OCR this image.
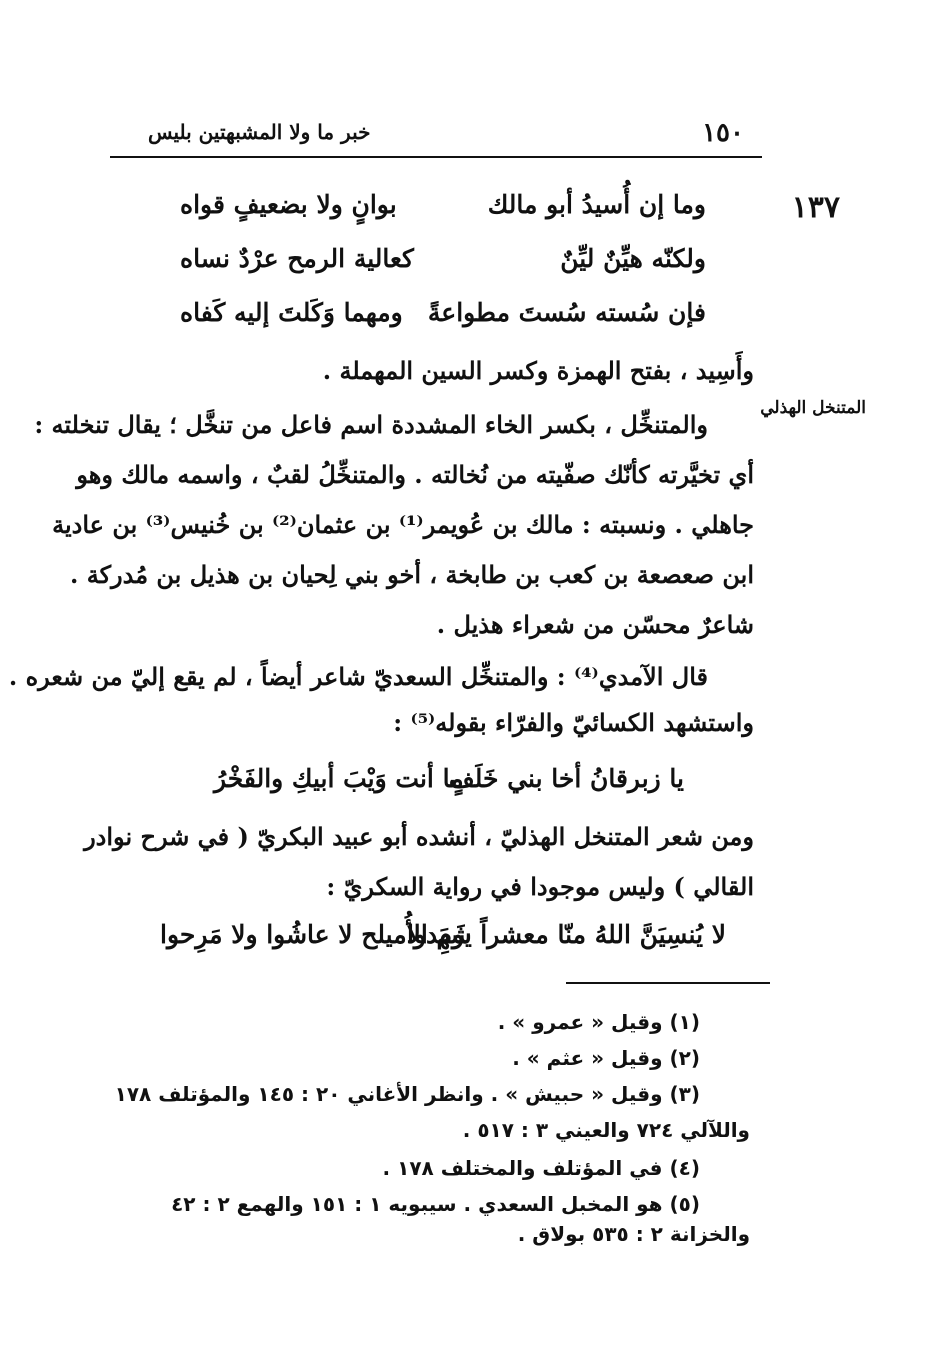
١٥٠
خبر ما ولا المشبهتين بليس
١٣٧
المتنخل الهذلي
وما إن أُسيدُ أبو مالك
بوانٍ ولا بضعيفٍ قواه
ولكنّه هيِّنٌ ليِّنٌ
كعالية الرمح عرْدٌ نساه
فإن سُسته سُستَ مطواعةً
ومهما وَكَلتَ إليه كَفاه
وأَسِيد ، بفتح الهمزة وكسر السين المهملة .
والمتنخِّل ، بكسر الخاء المشددة اسم فاعل من تنخَّل ؛ يقال تنخلته :
أي تخيَّرته كأنّك صفّيته من نُخالته . والمتنخِّلُ لقبٌ ، واسمه مالك وهو
جاهلي . ونسبته : مالك بن عُويمر⁽¹⁾ بن عثمان⁽²⁾ بن خُنيس⁽³⁾ بن عادية
ابن صعصعة بن كعب بن طابخة ، أخو بني لِحيان بن هذيل بن مُدركة .
شاعرٌ محسّن من شعراء هذيل .
قال الآمدي⁽⁴⁾ : والمتنخِّل السعديّ شاعر أيضاً ، لم يقع إليّ من شعره .
واستشهد الكسائيّ والفرّاء بقوله⁽⁵⁾ :
يا زبرقانُ أخا بني خَلَفٍ
ما أنت وَيْبَ أبيكِ والفَخْرُ
ومن شعر المتنخل الهذليّ ، أنشده أبو عبيد البكريّ ( في شرح نوادر
القالي ) وليس موجودا في رواية السكريّ :
لا يُنسِيَنَّ اللهُ منّا معشراً شَهِدوا
يومَ الأُميلح لا عاشُوا ولا مَرِحوا
(١) وقيل « عمرو » .
(٢) وقيل « عثم » .
(٣) وقيل « حبيش » . وانظر الأغاني ٢٠ : ١٤٥ والمؤتلف ١٧٨
واللآلي ٧٢٤ والعيني ٣ : ٥١٧ .
(٤) في المؤتلف والمختلف ١٧٨ .
(٥) هو المخبل السعدي . سيبويه ١ : ١٥١ والهمع ٢ : ٤٢
والخزانة ٢ : ٥٣٥ بولاق .
